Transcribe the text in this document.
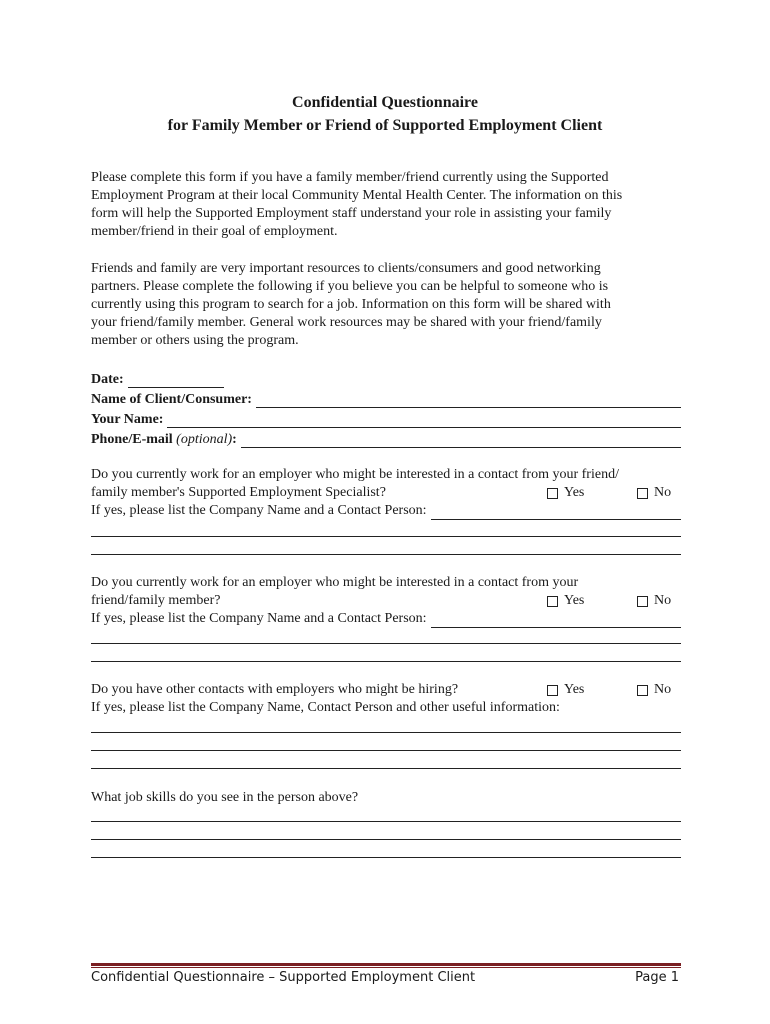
Confidential Questionnaire
for Family Member or Friend of Supported Employment Client
Please complete this form if you have a family member/friend currently using the Supported
Employment Program at their local Community Mental Health Center. The information on this
form will help the Supported Employment staff understand your role in assisting your family
member/friend in their goal of employment.
Friends and family are very important resources to clients/consumers and good networking
partners. Please complete the following if you believe you can be helpful to someone who is
currently using this program to search for a job. Information on this form will be shared with
your friend/family member. General work resources may be shared with your friend/family
member or others using the program.
Date:
Name of Client/Consumer:
Your Name:
Phone/E-mail (optional):
Do you currently work for an employer who might be interested in a contact from your friend/
family member's Supported Employment Specialist?	Yes	No
If yes, please list the Company Name and a Contact Person:
Do you currently work for an employer who might be interested in a contact from your
friend/family member?	Yes	No
If yes, please list the Company Name and a Contact Person:
Do you have other contacts with employers who might be hiring?	Yes	No
If yes, please list the Company Name, Contact Person and other useful information:
What job skills do you see in the person above?
Confidential Questionnaire – Supported Employment Client	Page 1
